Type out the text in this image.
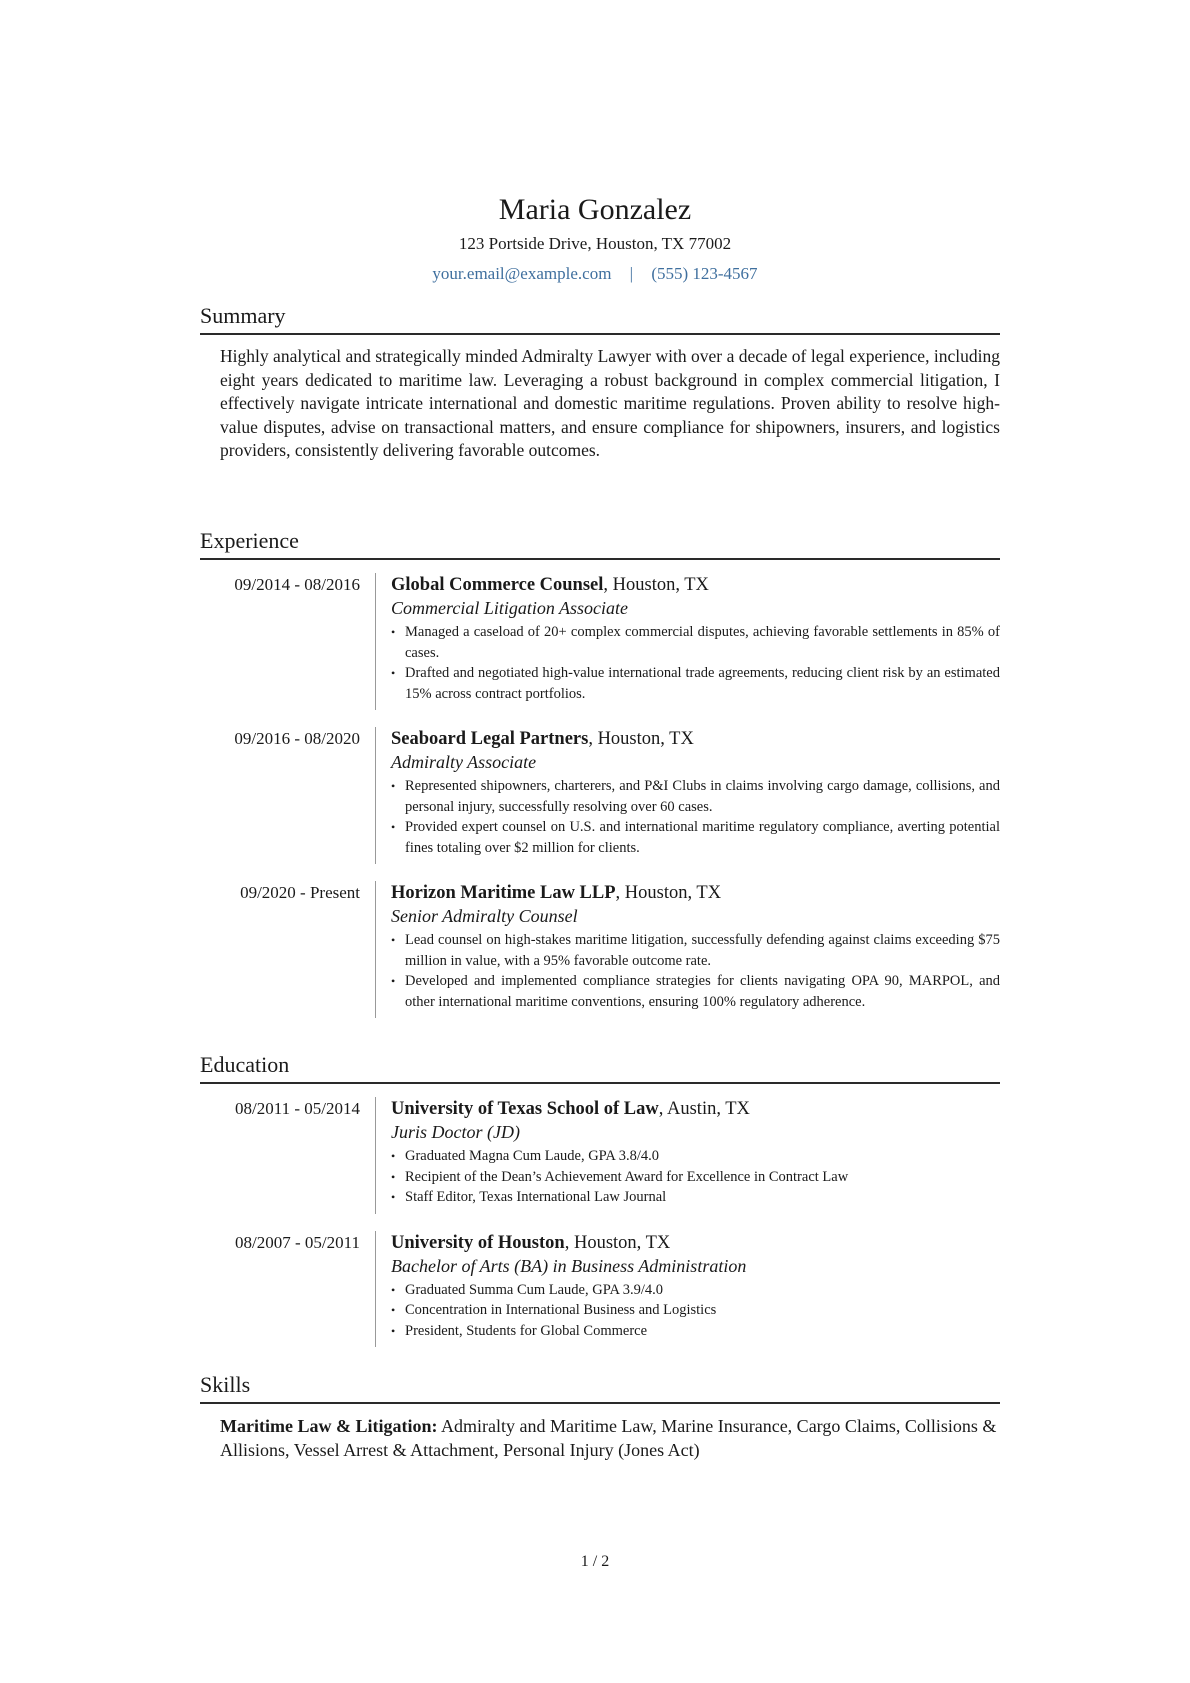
Maria Gonzalez
123 Portside Drive, Houston, TX 77002
your.email@example.com | (555) 123-4567
Summary

Highly analytical and strategically minded Admiralty Lawyer with over a decade of legal experience, including eight years dedicated to maritime law. Leveraging a robust background in complex commercial litigation, I effectively navigate intricate international and domestic maritime regulations. Proven ability to resolve high-value disputes, advise on transactional matters, and ensure compliance for shipowners, insurers, and logistics providers, consistently delivering favorable outcomes.

Experience
09/2014 - 08/2016	Global Commerce Counsel, Houston, TX
Commercial Litigation Associate
• Managed a caseload of 20+ complex commercial disputes, achieving favorable settlements in 85% of cases.
• Drafted and negotiated high-value international trade agreements, reducing client risk by an estimated 15% across contract portfolios.
09/2016 - 08/2020	Seaboard Legal Partners, Houston, TX
Admiralty Associate
• Represented shipowners, charterers, and P&I Clubs in claims involving cargo damage, collisions, and personal injury, successfully resolving over 60 cases.
• Provided expert counsel on U.S. and international maritime regulatory compliance, averting potential fines totaling over $2 million for clients.
09/2020 - Present	Horizon Maritime Law LLP, Houston, TX
Senior Admiralty Counsel
• Lead counsel on high-stakes maritime litigation, successfully defending against claims exceeding $75 million in value, with a 95% favorable outcome rate.
• Developed and implemented compliance strategies for clients navigating OPA 90, MARPOL, and other international maritime conventions, ensuring 100% regulatory adherence.
Education
08/2011 - 05/2014	University of Texas School of Law, Austin, TX
Juris Doctor (JD)
• Graduated Magna Cum Laude, GPA 3.8/4.0
• Recipient of the Dean’s Achievement Award for Excellence in Contract Law
• Staff Editor, Texas International Law Journal
08/2007 - 05/2011	University of Houston, Houston, TX
Bachelor of Arts (BA) in Business Administration
• Graduated Summa Cum Laude, GPA 3.9/4.0
• Concentration in International Business and Logistics
• President, Students for Global Commerce
Skills

Maritime Law & Litigation: Admiralty and Maritime Law, Marine Insurance, Cargo Claims, Collisions & Allisions, Vessel Arrest & Attachment, Personal Injury (Jones Act)

1 / 2
